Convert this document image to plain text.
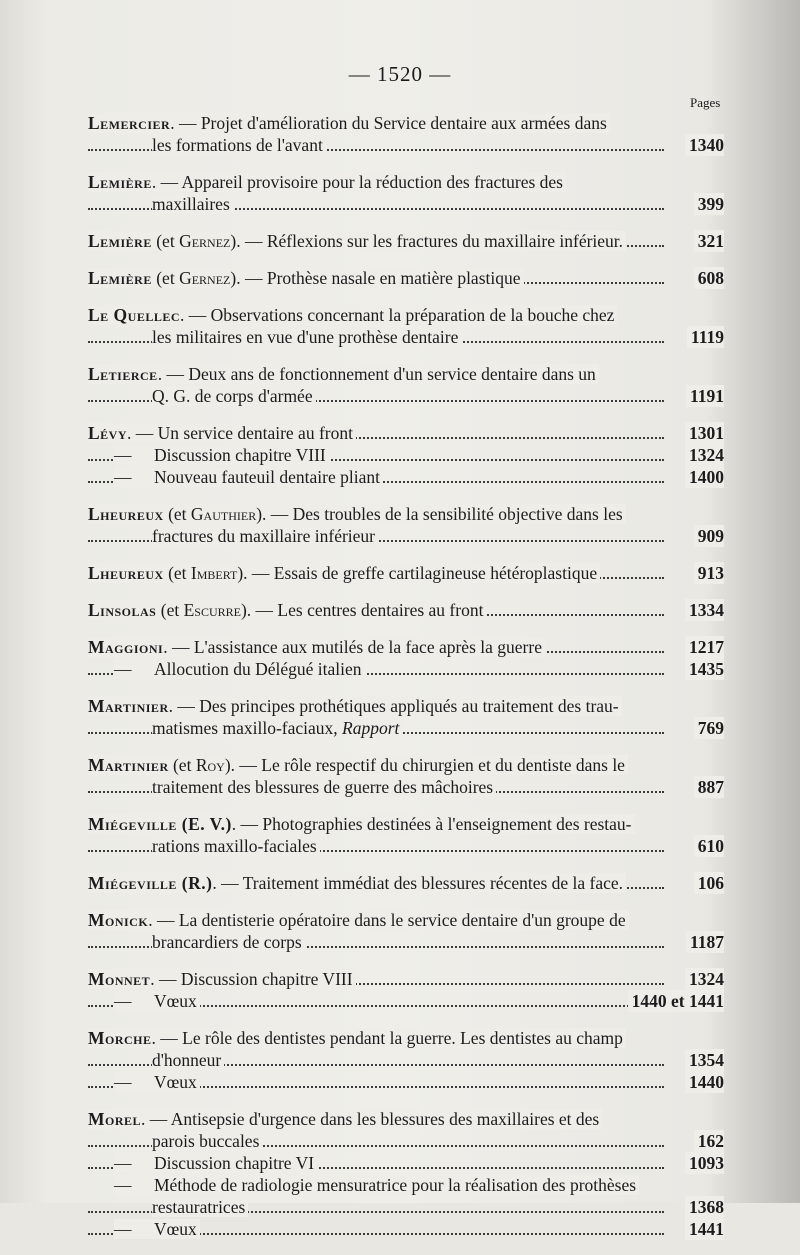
— 1520 —
Pages
Lemercier. — Projet d'amélioration du Service dentaire aux armées dans
1340
les formations de l'avant
Lemière. — Appareil provisoire pour la réduction des fractures des
399
maxillaires
321
Lemière (et Gernez). — Réflexions sur les fractures du maxillaire inférieur.
608
Lemière (et Gernez). — Prothèse nasale en matière plastique
Le Quellec. — Observations concernant la préparation de la bouche chez
1119
les militaires en vue d'une prothèse dentaire
Letierce. — Deux ans de fonctionnement d'un service dentaire dans un
1191
Q. G. de corps d'armée
1301
Lévy. — Un service dentaire au front
1324
— Discussion chapitre VIII
1400
— Nouveau fauteuil dentaire pliant
Lheureux (et Gauthier). — Des troubles de la sensibilité objective dans les
909
fractures du maxillaire inférieur
913
Lheureux (et Imbert). — Essais de greffe cartilagineuse hétéroplastique
1334
Linsolas (et Escurre). — Les centres dentaires au front
1217
Maggioni. — L'assistance aux mutilés de la face après la guerre
1435
— Allocution du Délégué italien
Martinier. — Des principes prothétiques appliqués au traitement des trau-
769
matismes maxillo-faciaux, Rapport
Martinier (et Roy). — Le rôle respectif du chirurgien et du dentiste dans le
887
traitement des blessures de guerre des mâchoires
Miégeville (E. V.). — Photographies destinées à l'enseignement des restau-
610
rations maxillo-faciales
106
Miégeville (R.). — Traitement immédiat des blessures récentes de la face.
Monick. — La dentisterie opératoire dans le service dentaire d'un groupe de
1187
brancardiers de corps
1324
Monnet. — Discussion chapitre VIII
1440 et 1441
— Vœux
Morche. — Le rôle des dentistes pendant la guerre. Les dentistes au champ
1354
d'honneur
1440
— Vœux
Morel. — Antisepsie d'urgence dans les blessures des maxillaires et des
162
parois buccales
1093
— Discussion chapitre VI
— Méthode de radiologie mensuratrice pour la réalisation des prothèses
1368
restauratrices
1441
— Vœux
